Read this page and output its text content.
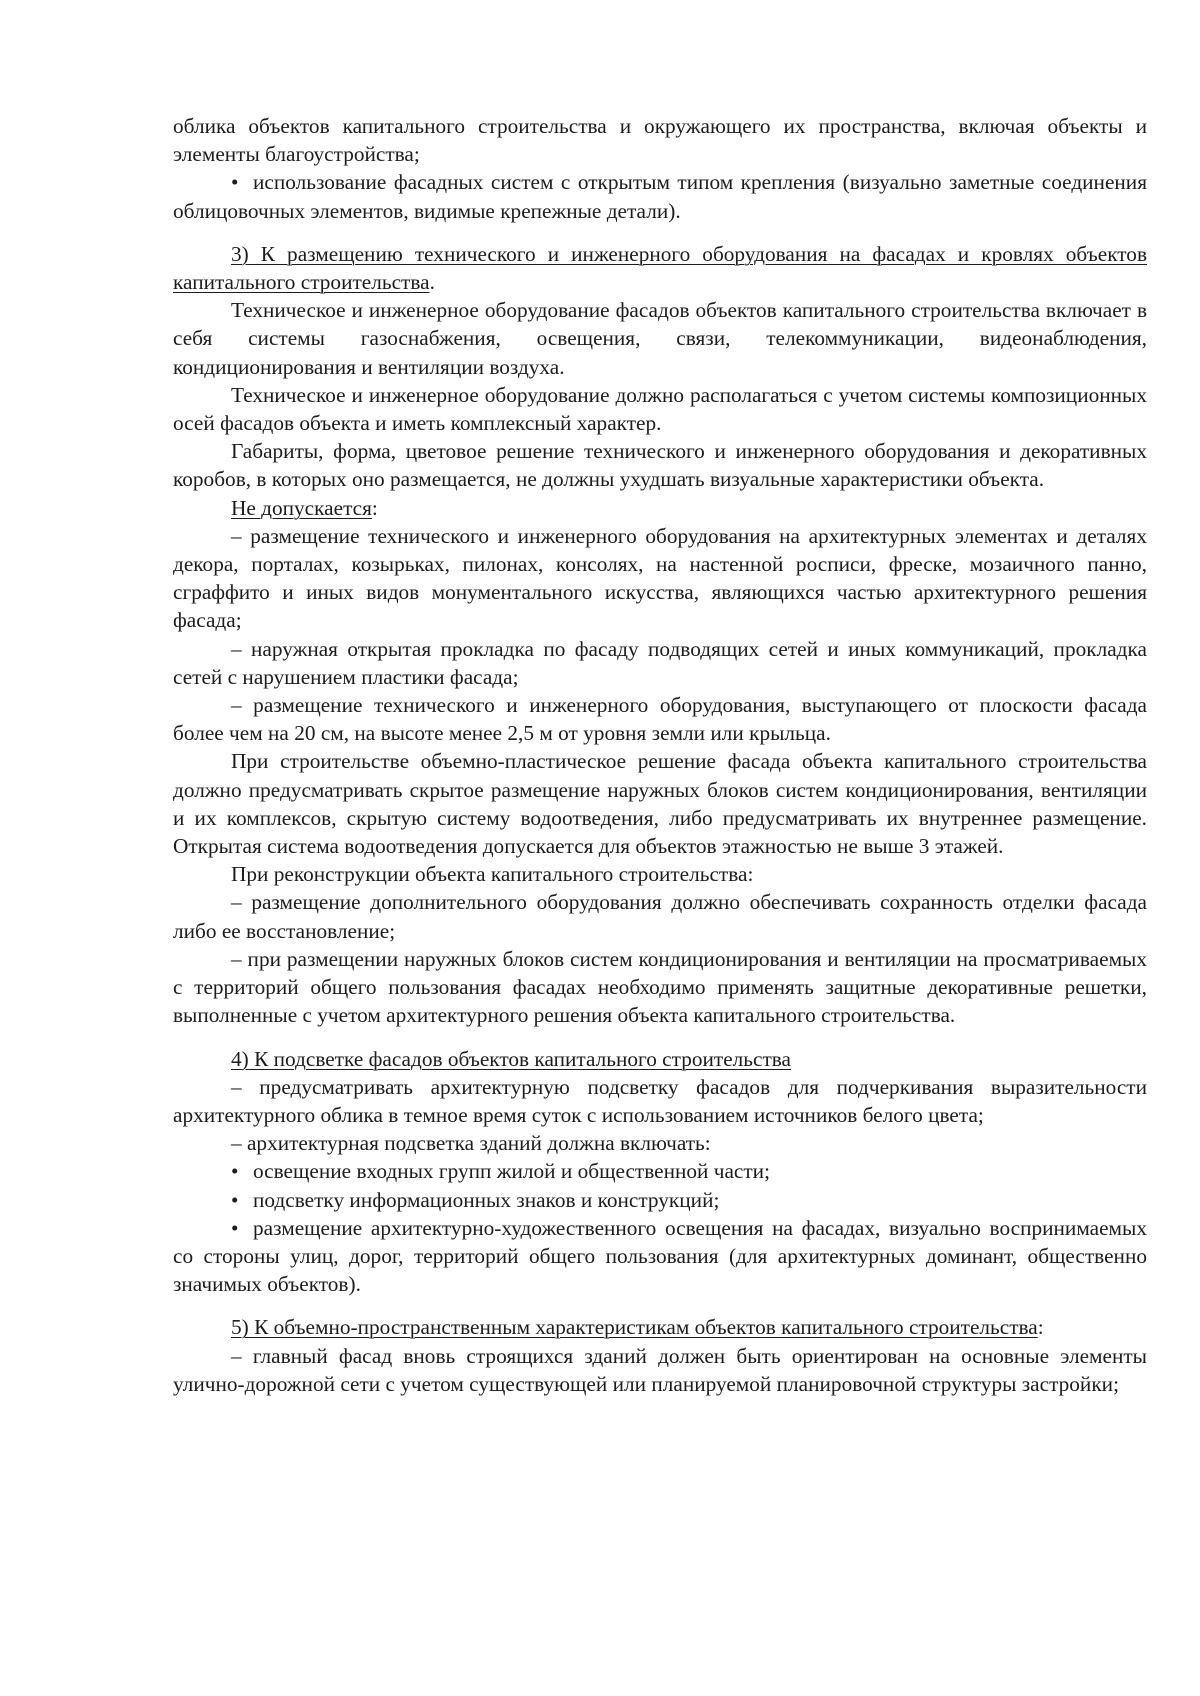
облика объектов капитального строительства и окружающего их пространства, включая объекты и элементы благоустройства;

• использование фасадных систем с открытым типом крепления (визуально заметные соединения облицовочных элементов, видимые крепежные детали).

3) К размещению технического и инженерного оборудования на фасадах и кровлях объектов капитального строительства.

Техническое и инженерное оборудование фасадов объектов капитального строительства включает в себя системы газоснабжения, освещения, связи, телекоммуникации, видеонаблюдения, кондиционирования и вентиляции воздуха.

Техническое и инженерное оборудование должно располагаться с учетом системы композиционных осей фасадов объекта и иметь комплексный характер.

Габариты, форма, цветовое решение технического и инженерного оборудования и декоративных коробов, в которых оно размещается, не должны ухудшать визуальные характеристики объекта.

Не допускается:

– размещение технического и инженерного оборудования на архитектурных элементах и деталях декора, порталах, козырьках, пилонах, консолях, на настенной росписи, фреске, мозаичного панно, сграффито и иных видов монументального искусства, являющихся частью архитектурного решения фасада;

– наружная открытая прокладка по фасаду подводящих сетей и иных коммуникаций, прокладка сетей с нарушением пластики фасада;

– размещение технического и инженерного оборудования, выступающего от плоскости фасада более чем на 20 см, на высоте менее 2,5 м от уровня земли или крыльца.

При строительстве объемно-пластическое решение фасада объекта капитального строительства должно предусматривать скрытое размещение наружных блоков систем кондиционирования, вентиляции и их комплексов, скрытую систему водоотведения, либо предусматривать их внутреннее размещение. Открытая система водоотведения допускается для объектов этажностью не выше 3 этажей.

При реконструкции объекта капитального строительства:

– размещение дополнительного оборудования должно обеспечивать сохранность отделки фасада либо ее восстановление;

– при размещении наружных блоков систем кондиционирования и вентиляции на просматриваемых с территорий общего пользования фасадах необходимо применять защитные декоративные решетки, выполненные с учетом архитектурного решения объекта капитального строительства.

4) К подсветке фасадов объектов капитального строительства

– предусматривать архитектурную подсветку фасадов для подчеркивания выразительности архитектурного облика в темное время суток с использованием источников белого цвета;

– архитектурная подсветка зданий должна включать:

• освещение входных групп жилой и общественной части;

• подсветку информационных знаков и конструкций;

• размещение архитектурно-художественного освещения на фасадах, визуально воспринимаемых со стороны улиц, дорог, территорий общего пользования (для архитектурных доминант, общественно значимых объектов).

5) К объемно-пространственным характеристикам объектов капитального строительства:

– главный фасад вновь строящихся зданий должен быть ориентирован на основные элементы улично-дорожной сети с учетом существующей или планируемой планировочной структуры застройки;
